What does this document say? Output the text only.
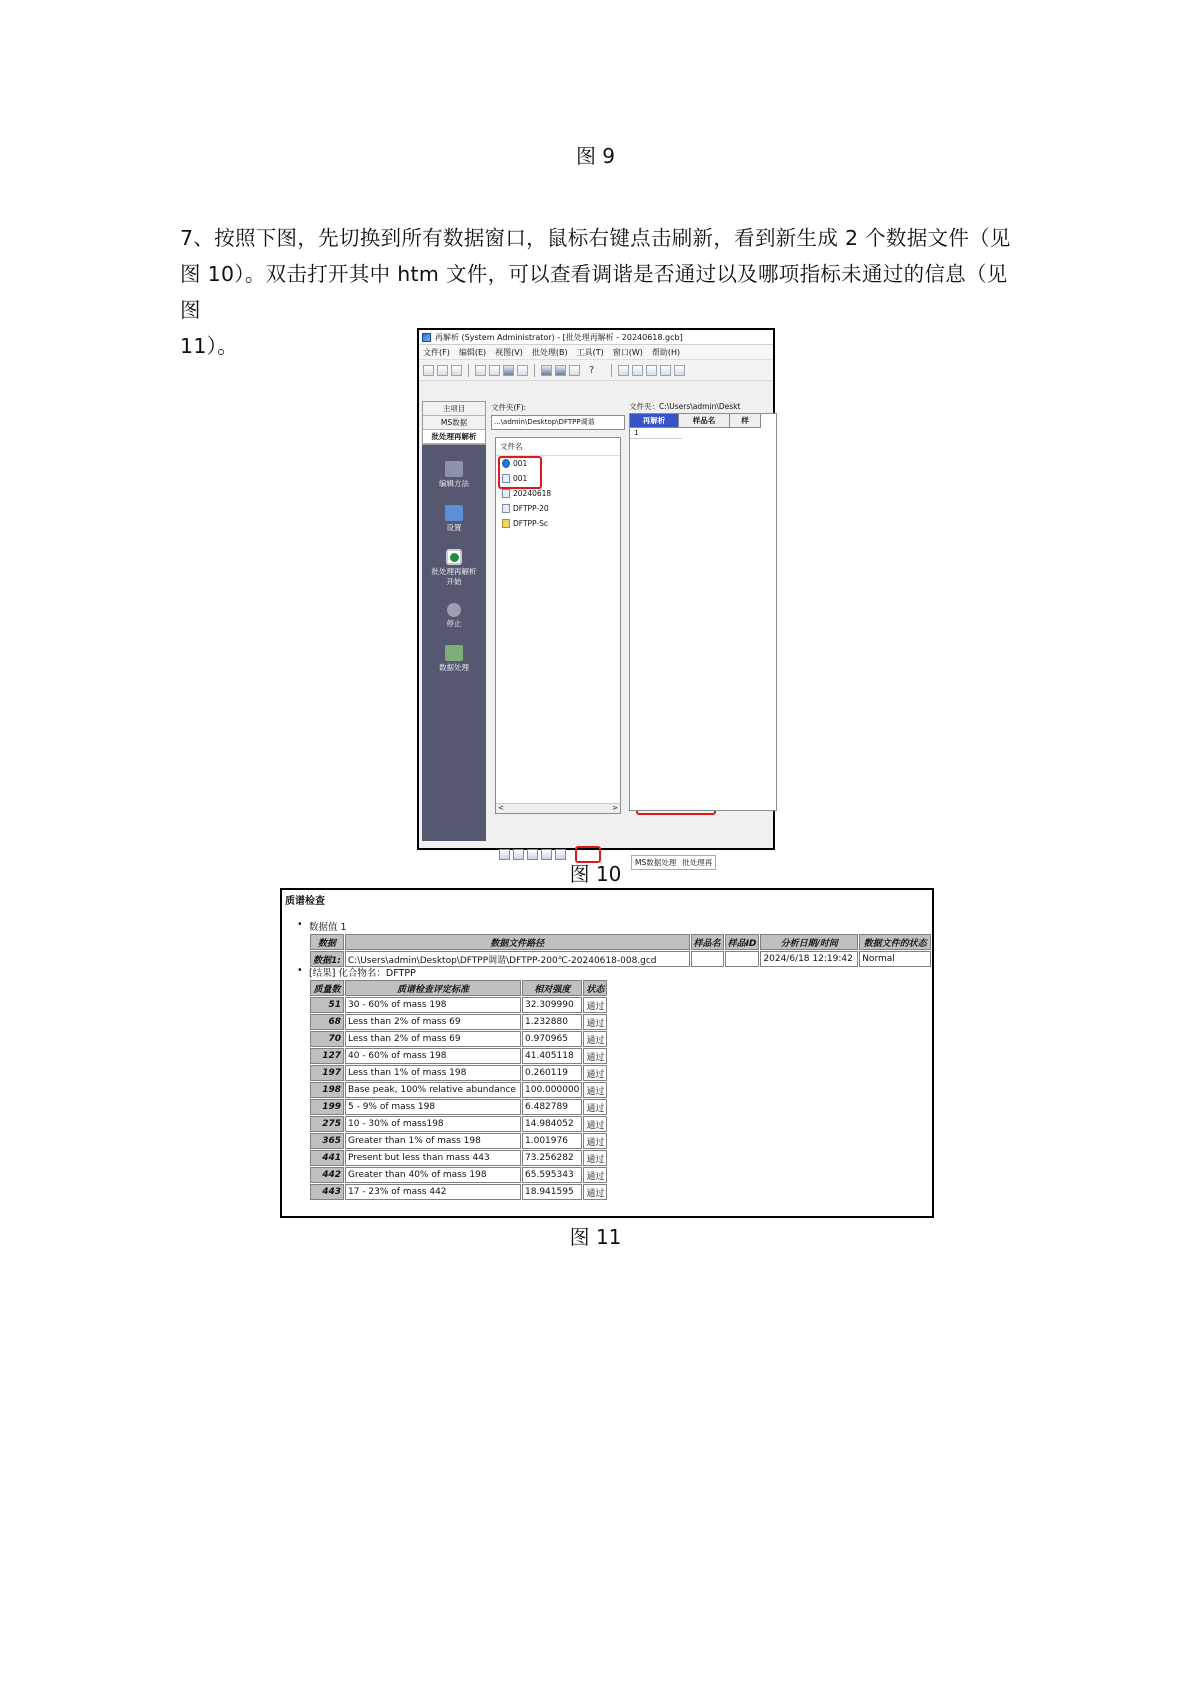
图 9
7、按照下图，先切换到所有数据窗口，鼠标右键点击刷新，看到新生成 2 个数据文件（见
图 10）。双击打开其中 htm 文件，可以查看调谐是否通过以及哪项指标未通过的信息（见图
11）。	再解析 (System Administrator) - [批处理再解析 - 20240618.gcb]
文件(F) 编辑(E) 视图(V) 批处理(B) 工具(T) 窗口(W) 帮助(H)
?
主项目
MS数据
批处理再解析
编辑方法
设置
批处理再解析
开始
停止
数据处理
文件夹(F):
...\admin\Desktop\DFTPP调谐
文件名
001
001
20240618
DFTPP-20
DFTPP-Sc
<	>
文件夹：C:\Users\admin\Deskt
再解析	样品名	样
1
MS数据处理 批处理再
图 10
质谱检查
• 数据值 1
数据	数据文件路径	样品名	样品ID	分析日期/时间	数据文件的状态
数据1:	C:\Users\admin\Desktop\DFTPP调谐\DFTPP-200℃-20240618-008.gcd			2024/6/18 12:19:42	Normal
• [结果] 化合物名：DFTPP
质量数	质谱检查评定标准	相对强度	状态
51	30 - 60% of mass 198	32.309990	通过
68	Less than 2% of mass 69	1.232880	通过
70	Less than 2% of mass 69	0.970965	通过
127	40 - 60% of mass 198	41.405118	通过
197	Less than 1% of mass 198	0.260119	通过
198	Base peak, 100% relative abundance	100.000000	通过
199	5 - 9% of mass 198	6.482789	通过
275	10 - 30% of mass198	14.984052	通过
365	Greater than 1% of mass 198	1.001976	通过
441	Present but less than mass 443	73.256282	通过
442	Greater than 40% of mass 198	65.595343	通过
443	17 - 23% of mass 442	18.941595	通过
图 11
